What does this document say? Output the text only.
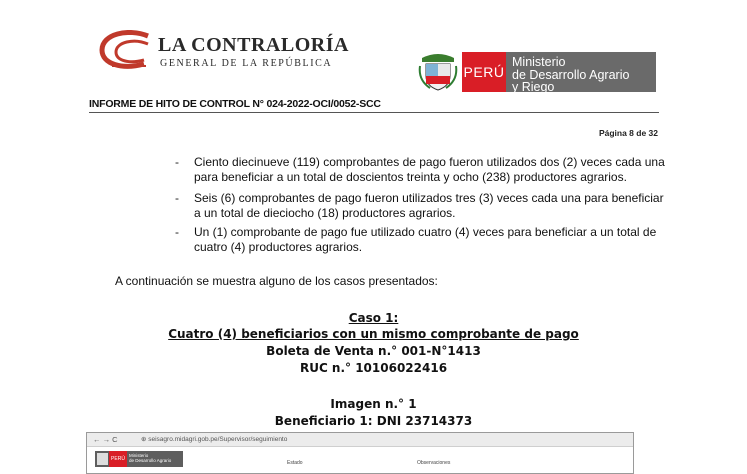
LA CONTRALORÍA
GENERAL DE LA REPÚBLICA
PERÚ
Ministerio
de Desarrollo Agrario
y Riego
INFORME DE HITO DE CONTROL N° 024-2022-OCI/0052-SCC
Página 8 de 32
- Ciento diecinueve (119) comprobantes de pago fueron utilizados dos (2) veces cada una para beneficiar a un total de doscientos treinta y ocho (238) productores agrarios.
- Seis (6) comprobantes de pago fueron utilizados tres (3) veces cada una para beneficiar a un total de dieciocho (18) productores agrarios.
- Un (1) comprobante de pago fue utilizado cuatro (4) veces para beneficiar a un total de cuatro (4) productores agrarios.
A continuación se muestra alguno de los casos presentados:
Caso 1:
Cuatro (4) beneficiarios con un mismo comprobante de pago
Boleta de Venta n.° 001-N°1413
RUC n.° 10106022416
Imagen n.° 1
Beneficiario 1: DNI 23714373
← → C	⊕ seisagro.midagri.gob.pe/Supervisor/seguimiento
PERÚ
Ministerio
de Desarrollo Agrario	Estado	Observaciones
